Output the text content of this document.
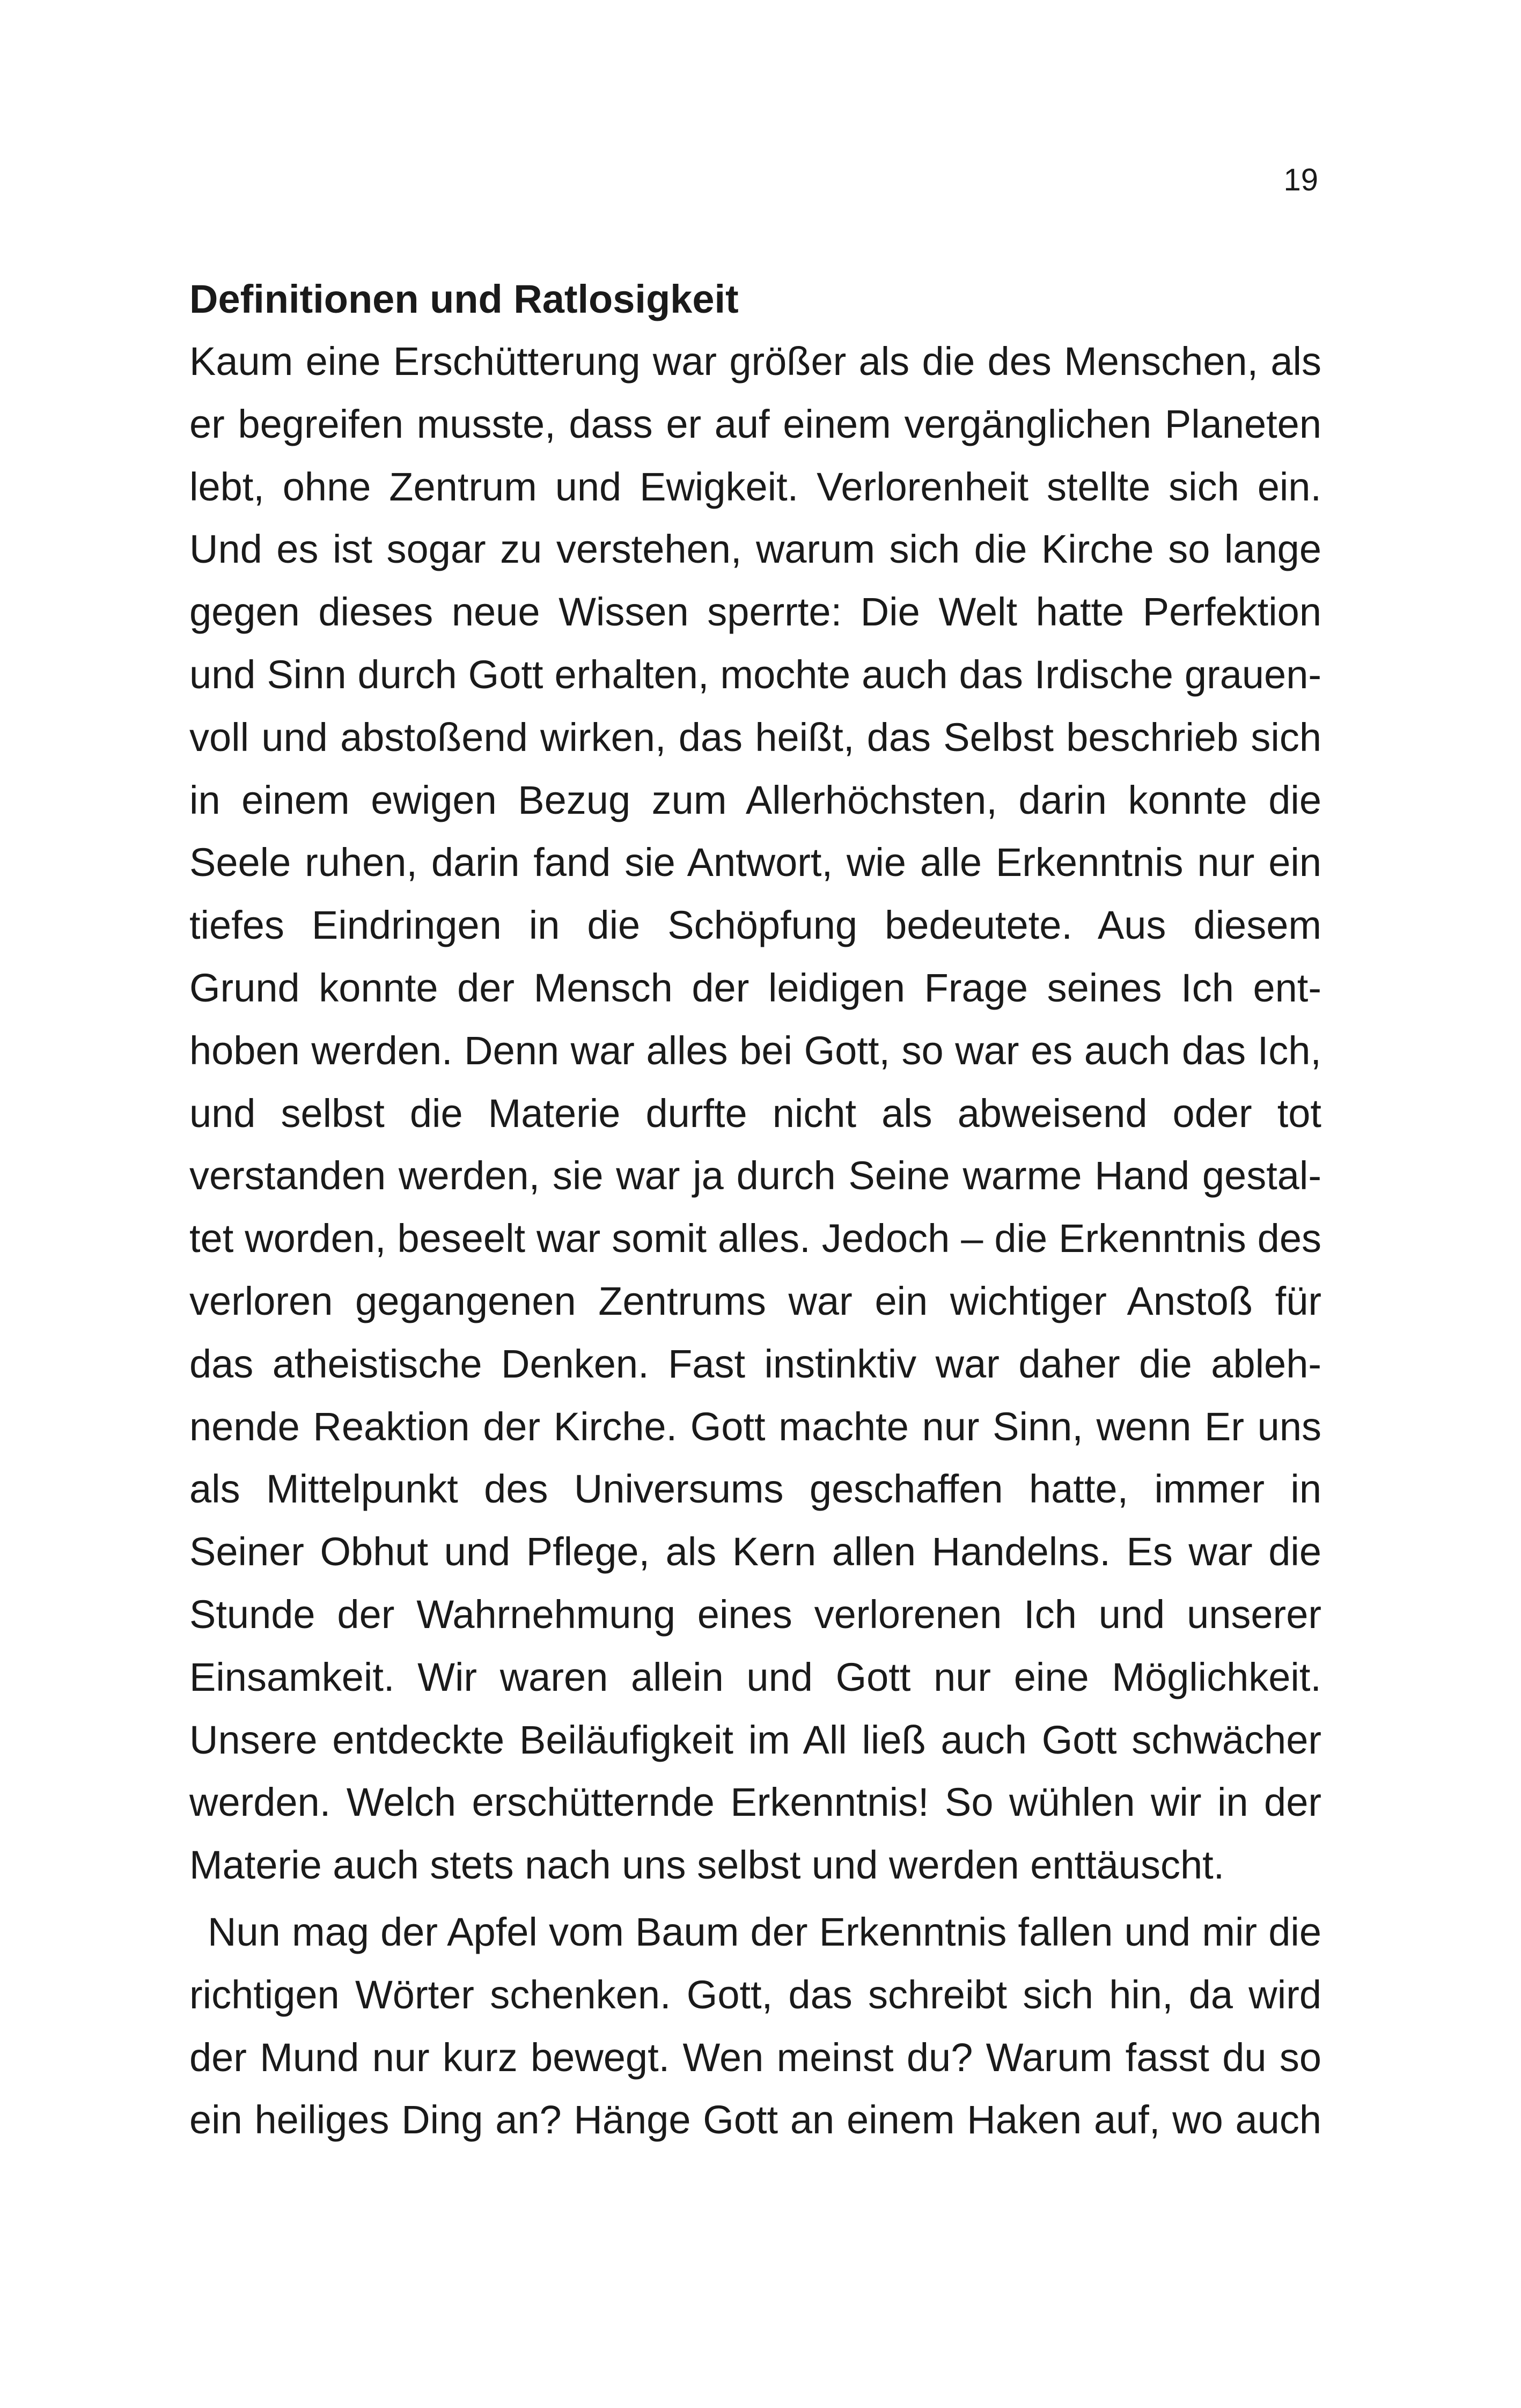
19
Definitionen und Ratlosigkeit
Kaum eine Erschütterung war größer als die des Menschen, als
er begreifen musste, dass er auf einem vergänglichen Planeten
lebt, ohne Zentrum und Ewigkeit. Verlorenheit stellte sich ein.
Und es ist sogar zu verstehen, warum sich die Kirche so lange
gegen dieses neue Wissen sperrte: Die Welt hatte Perfektion
und Sinn durch Gott erhalten, mochte auch das Irdische grauen-
voll und abstoßend wirken, das heißt, das Selbst beschrieb sich
in einem ewigen Bezug zum Allerhöchsten, darin konnte die
Seele ruhen, darin fand sie Antwort, wie alle Erkenntnis nur ein
tiefes Eindringen in die Schöpfung bedeutete. Aus diesem
Grund konnte der Mensch der leidigen Frage seines Ich ent-
hoben werden. Denn war alles bei Gott, so war es auch das Ich,
und selbst die Materie durfte nicht als abweisend oder tot
verstanden werden, sie war ja durch Seine warme Hand gestal-
tet worden, beseelt war somit alles. Jedoch – die Erkenntnis des
verloren gegangenen Zentrums war ein wichtiger Anstoß für
das atheistische Denken. Fast instinktiv war daher die ableh-
nende Reaktion der Kirche. Gott machte nur Sinn, wenn Er uns
als Mittelpunkt des Universums geschaffen hatte, immer in
Seiner Obhut und Pflege, als Kern allen Handelns. Es war die
Stunde der Wahrnehmung eines verlorenen Ich und unserer
Einsamkeit. Wir waren allein und Gott nur eine Möglichkeit.
Unsere entdeckte Beiläufigkeit im All ließ auch Gott schwächer
werden. Welch erschütternde Erkenntnis! So wühlen wir in der
Materie auch stets nach uns selbst und werden enttäuscht.
Nun mag der Apfel vom Baum der Erkenntnis fallen und mir die
richtigen Wörter schenken. Gott, das schreibt sich hin, da wird
der Mund nur kurz bewegt. Wen meinst du? Warum fasst du so
ein heiliges Ding an? Hänge Gott an einem Haken auf, wo auch
